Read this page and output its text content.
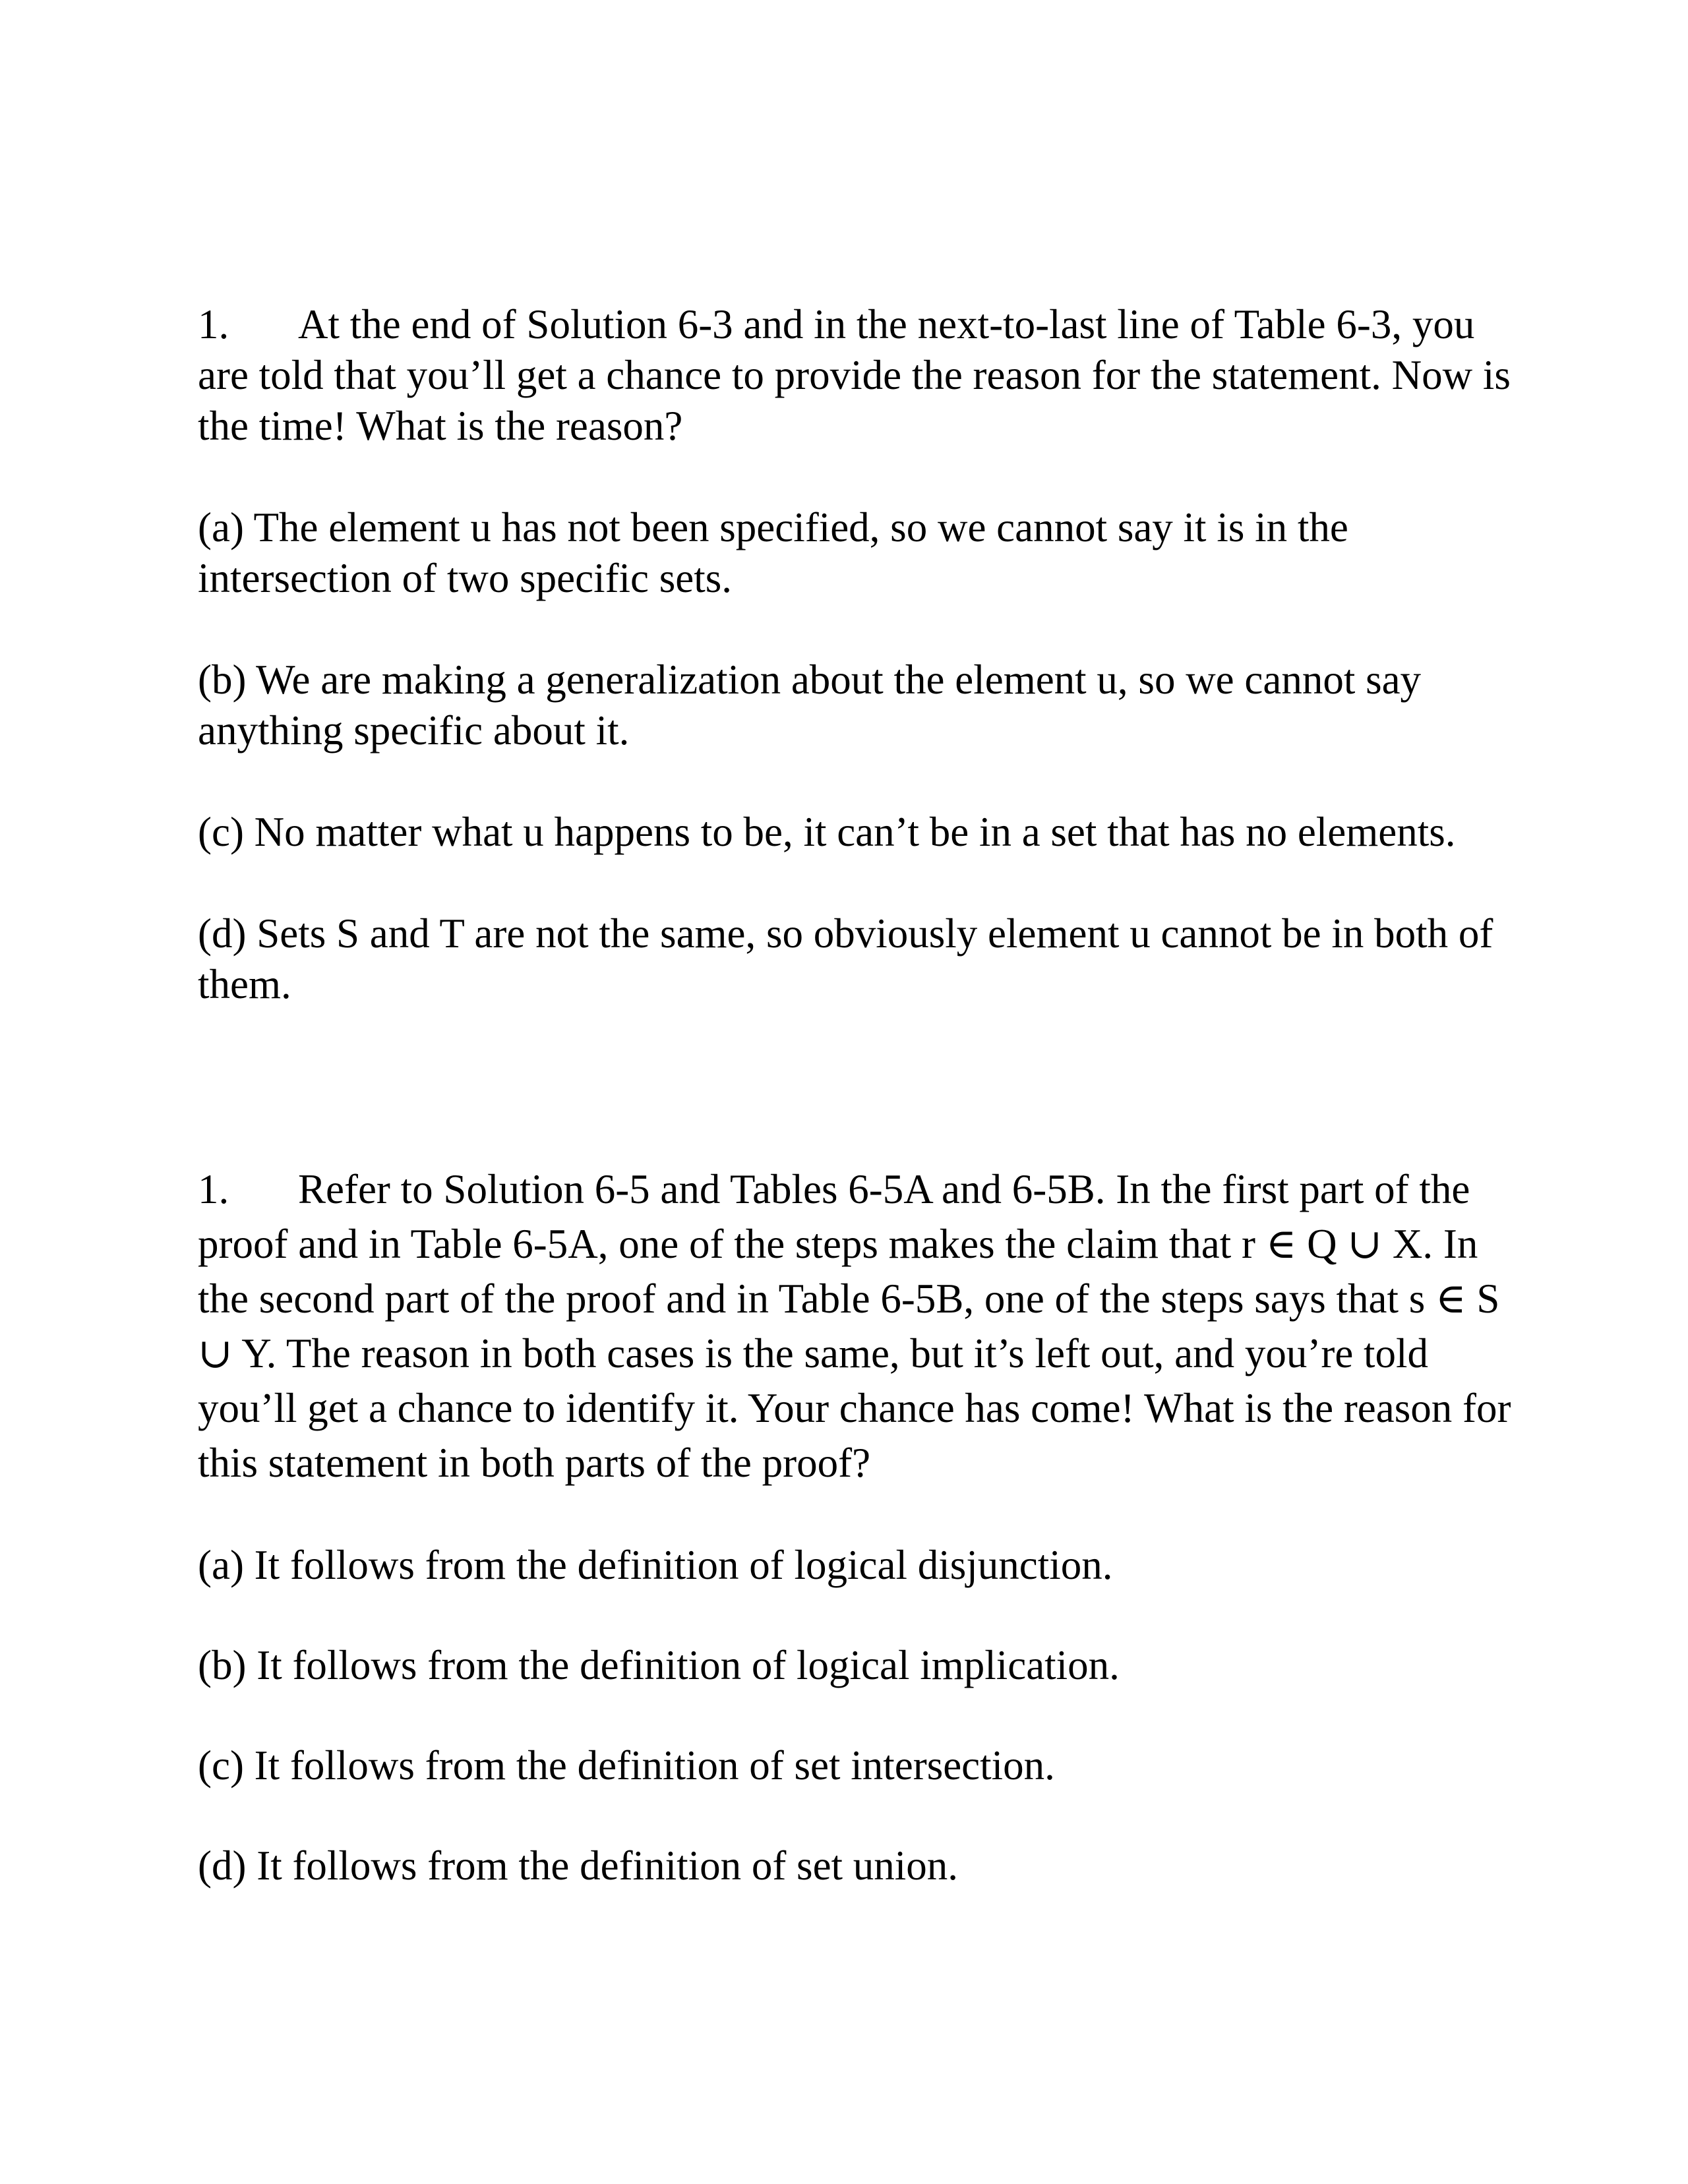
1. At the end of Solution 6-3 and in the next-to-last line of Table 6-3, you are told that you’ll get a chance to provide the reason for the statement. Now is the time! What is the reason?

(a) The element u has not been specified, so we cannot say it is in the intersection of two specific sets.

(b) We are making a generalization about the element u, so we cannot say anything specific about it.

(c) No matter what u happens to be, it can’t be in a set that has no elements.

(d) Sets S and T are not the same, so obviously element u cannot be in both of them.

1. Refer to Solution 6-5 and Tables 6-5A and 6-5B. In the first part of the proof and in Table 6-5A, one of the steps makes the claim that r ∈ Q ∪ X. In the second part of the proof and in Table 6-5B, one of the steps says that s ∈ S ∪ Y. The reason in both cases is the same, but it’s left out, and you’re told you’ll get a chance to identify it. Your chance has come! What is the reason for this statement in both parts of the proof?

(a) It follows from the definition of logical disjunction.

(b) It follows from the definition of logical implication.

(c) It follows from the definition of set intersection.

(d) It follows from the definition of set union.
